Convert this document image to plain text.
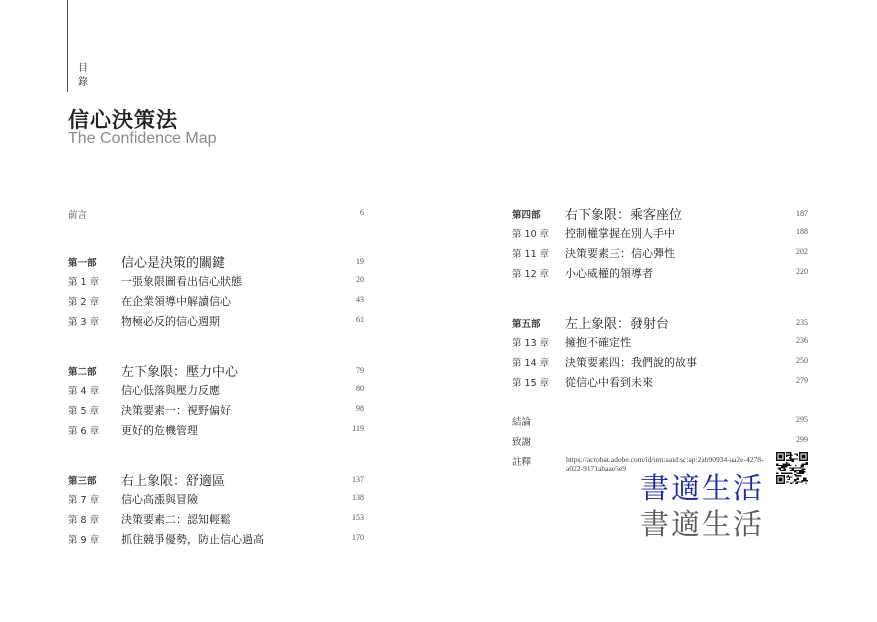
目錄
信心決策法
The Confidence Map
https://acrobat.adobe.com/id/urn:aaid:sc:ap:2ab90934-aa2e-4278-a022-9171abaae5e9
書適生活
書適生活
前言	6
第一部 信心是決策的關鍵	19
第 1 章 一張象限圖看出信心狀態	20
第 2 章 在企業領導中解讀信心	43
第 3 章 物極必反的信心週期	61
第二部 左下象限：壓力中心	79
第 4 章 信心低落與壓力反應	80
第 5 章 決策要素一：視野偏好	98
第 6 章 更好的危機管理	119
第三部 右上象限：舒適區	137
第 7 章 信心高漲與冒險	138
第 8 章 決策要素二：認知輕鬆	153
第 9 章 抓住競爭優勢，防止信心過高	170
第四部 右下象限：乘客座位	187
第 10 章 控制權掌握在別人手中	188
第 11 章 決策要素三：信心彈性	202
第 12 章 小心威權的領導者	220
第五部 左上象限：發射台	235
第 13 章 擁抱不確定性	236
第 14 章 決策要素四：我們說的故事	250
第 15 章 從信心中看到未來	279
結論	295
致謝	299
註釋
